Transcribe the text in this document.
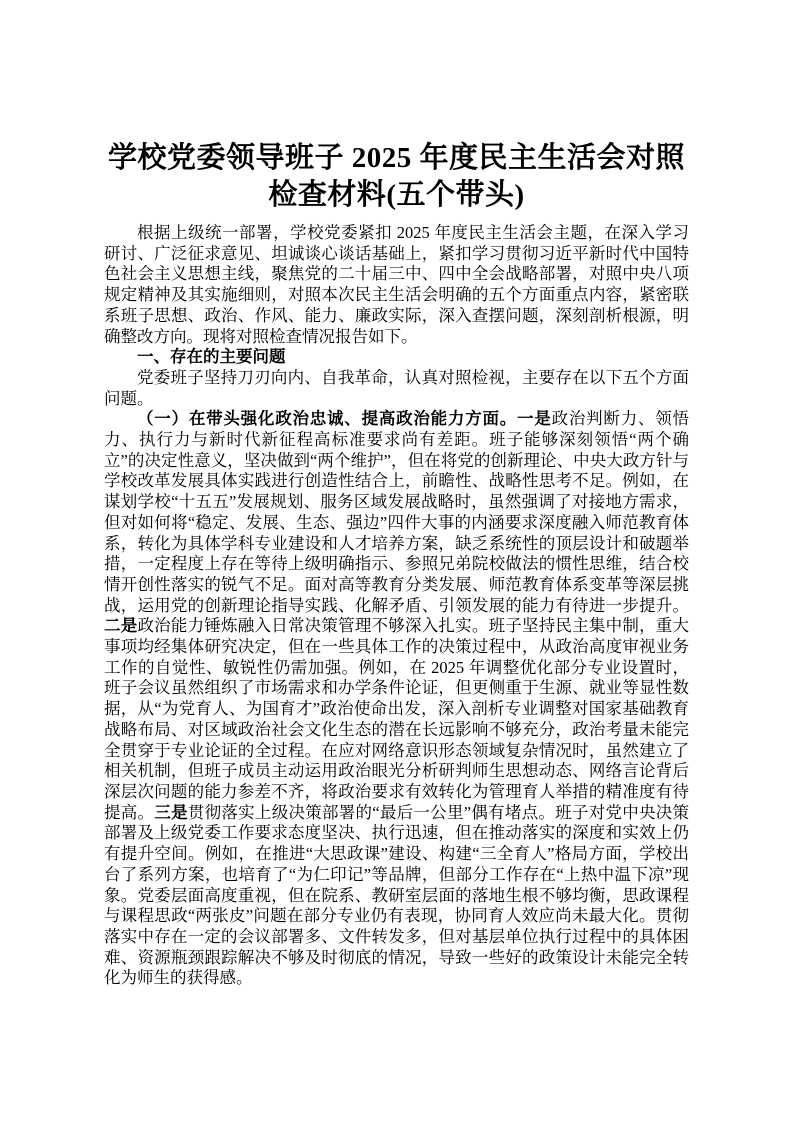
学校党委领导班子 2025 年度民主生活会对照检查材料(五个带头)

根据上级统一部署，学校党委紧扣 2025 年度民主生活会主题，在深入学习研讨、广泛征求意见、坦诚谈心谈话基础上，紧扣学习贯彻习近平新时代中国特色社会主义思想主线，聚焦党的二十届三中、四中全会战略部署，对照中央八项规定精神及其实施细则，对照本次民主生活会明确的五个方面重点内容，紧密联系班子思想、政治、作风、能力、廉政实际，深入查摆问题，深刻剖析根源，明确整改方向。现将对照检查情况报告如下。

一、存在的主要问题

党委班子坚持刀刃向内、自我革命，认真对照检视，主要存在以下五个方面问题。

（一）在带头强化政治忠诚、提高政治能力方面。一是政治判断力、领悟力、执行力与新时代新征程高标准要求尚有差距。班子能够深刻领悟“两个确立”的决定性意义，坚决做到“两个维护”，但在将党的创新理论、中央大政方针与学校改革发展具体实践进行创造性结合上，前瞻性、战略性思考不足。例如，在谋划学校“十五五”发展规划、服务区域发展战略时，虽然强调了对接地方需求，但对如何将“稳定、发展、生态、强边”四件大事的内涵要求深度融入师范教育体系，转化为具体学科专业建设和人才培养方案，缺乏系统性的顶层设计和破题举措，一定程度上存在等待上级明确指示、参照兄弟院校做法的惯性思维，结合校情开创性落实的锐气不足。面对高等教育分类发展、师范教育体系变革等深层挑战，运用党的创新理论指导实践、化解矛盾、引领发展的能力有待进一步提升。二是政治能力锤炼融入日常决策管理不够深入扎实。班子坚持民主集中制，重大事项均经集体研究决定，但在一些具体工作的决策过程中，从政治高度审视业务工作的自觉性、敏锐性仍需加强。例如，在 2025 年调整优化部分专业设置时，班子会议虽然组织了市场需求和办学条件论证，但更侧重于生源、就业等显性数据，从“为党育人、为国育才”政治使命出发，深入剖析专业调整对国家基础教育战略布局、对区域政治社会文化生态的潜在长远影响不够充分，政治考量未能完全贯穿于专业论证的全过程。在应对网络意识形态领域复杂情况时，虽然建立了相关机制，但班子成员主动运用政治眼光分析研判师生思想动态、网络言论背后深层次问题的能力参差不齐，将政治要求有效转化为管理育人举措的精准度有待提高。三是贯彻落实上级决策部署的“最后一公里”偶有堵点。班子对党中央决策部署及上级党委工作要求态度坚决、执行迅速，但在推动落实的深度和实效上仍有提升空间。例如，在推进“大思政课”建设、构建“三全育人”格局方面，学校出台了系列方案，也培育了“为仁印记”等品牌，但部分工作存在“上热中温下凉”现象。党委层面高度重视，但在院系、教研室层面的落地生根不够均衡，思政课程与课程思政“两张皮”问题在部分专业仍有表现，协同育人效应尚未最大化。贯彻落实中存在一定的会议部署多、文件转发多，但对基层单位执行过程中的具体困难、资源瓶颈跟踪解决不够及时彻底的情况，导致一些好的政策设计未能完全转化为师生的获得感。
